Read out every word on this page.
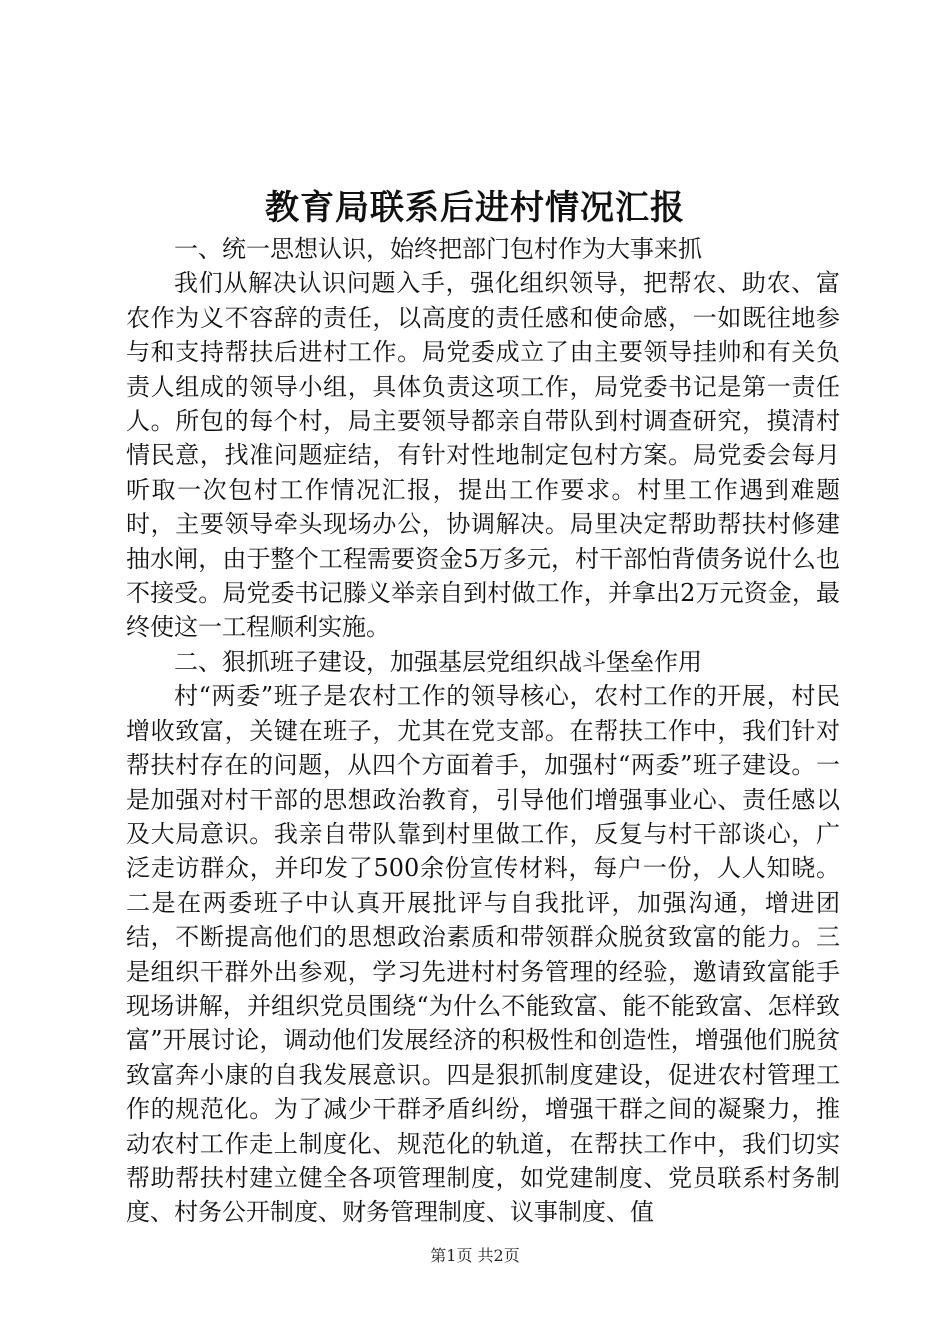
教育局联系后进村情况汇报

一、统一思想认识，始终把部门包村作为大事来抓

我们从解决认识问题入手，强化组织领导，把帮农、助农、富农作为义不容辞的责任，以高度的责任感和使命感，一如既往地参与和支持帮扶后进村工作。局党委成立了由主要领导挂帅和有关负责人组成的领导小组，具体负责这项工作，局党委书记是第一责任人。所包的每个村，局主要领导都亲自带队到村调查研究，摸清村情民意，找准问题症结，有针对性地制定包村方案。局党委会每月听取一次包村工作情况汇报，提出工作要求。村里工作遇到难题时，主要领导牵头现场办公，协调解决。局里决定帮助帮扶村修建抽水闸，由于整个工程需要资金5万多元，村干部怕背债务说什么也不接受。局党委书记滕义举亲自到村做工作，并拿出2万元资金，最终使这一工程顺利实施。

二、狠抓班子建设，加强基层党组织战斗堡垒作用

村“两委”班子是农村工作的领导核心，农村工作的开展，村民增收致富，关键在班子，尤其在党支部。在帮扶工作中，我们针对帮扶村存在的问题，从四个方面着手，加强村“两委”班子建设。一是加强对村干部的思想政治教育，引导他们增强事业心、责任感以及大局意识。我亲自带队靠到村里做工作，反复与村干部谈心，广泛走访群众，并印发了500余份宣传材料，每户一份，人人知晓。二是在两委班子中认真开展批评与自我批评，加强沟通，增进团结，不断提高他们的思想政治素质和带领群众脱贫致富的能力。三是组织干群外出参观，学习先进村村务管理的经验，邀请致富能手现场讲解，并组织党员围绕“为什么不能致富、能不能致富、怎样致富”开展讨论，调动他们发展经济的积极性和创造性，增强他们脱贫致富奔小康的自我发展意识。四是狠抓制度建设，促进农村管理工作的规范化。为了减少干群矛盾纠纷，增强干群之间的凝聚力，推动农村工作走上制度化、规范化的轨道，在帮扶工作中，我们切实帮助帮扶村建立健全各项管理制度，如党建制度、党员联系村务制度、村务公开制度、财务管理制度、议事制度、值

第1页 共2页
